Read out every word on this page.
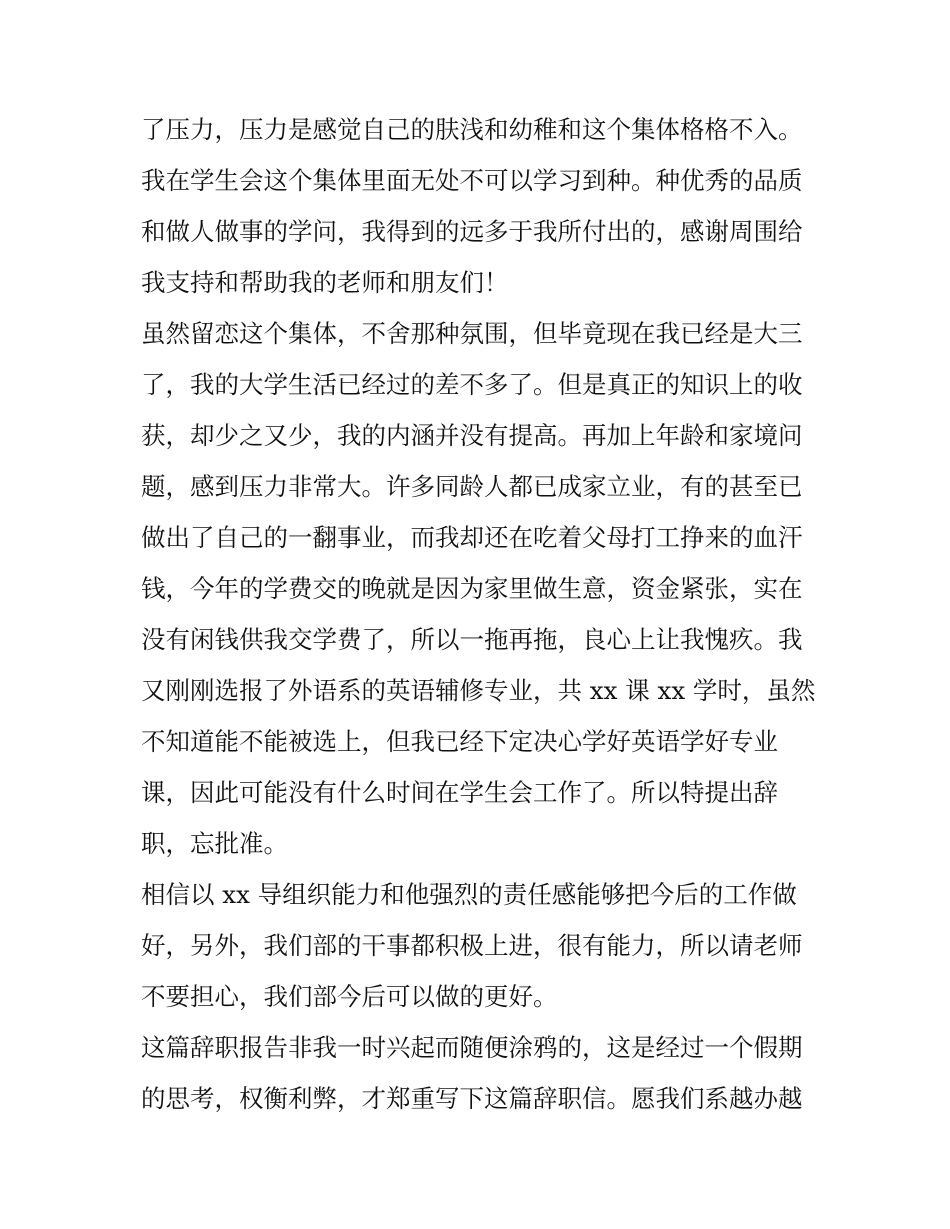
了压力，压力是感觉自己的肤浅和幼稚和这个集体格格不入。
我在学生会这个集体里面无处不可以学习到种。种优秀的品质
和做人做事的学问，我得到的远多于我所付出的，感谢周围给
我支持和帮助我的老师和朋友们！
虽然留恋这个集体，不舍那种氛围，但毕竟现在我已经是大三
了，我的大学生活已经过的差不多了。但是真正的知识上的收
获，却少之又少，我的内涵并没有提高。再加上年龄和家境问
题，感到压力非常大。许多同龄人都已成家立业，有的甚至已
做出了自己的一翻事业，而我却还在吃着父母打工挣来的血汗
钱，今年的学费交的晚就是因为家里做生意，资金紧张，实在
没有闲钱供我交学费了，所以一拖再拖，良心上让我愧疚。我
又刚刚选报了外语系的英语辅修专业，共 xx 课 xx 学时，虽然
不知道能不能被选上，但我已经下定决心学好英语学好专业
课，因此可能没有什么时间在学生会工作了。所以特提出辞
职，忘批准。
相信以 xx 导组织能力和他强烈的责任感能够把今后的工作做
好，另外，我们部的干事都积极上进，很有能力，所以请老师
不要担心，我们部今后可以做的更好。
这篇辞职报告非我一时兴起而随便涂鸦的，这是经过一个假期
的思考，权衡利弊，才郑重写下这篇辞职信。愿我们系越办越
